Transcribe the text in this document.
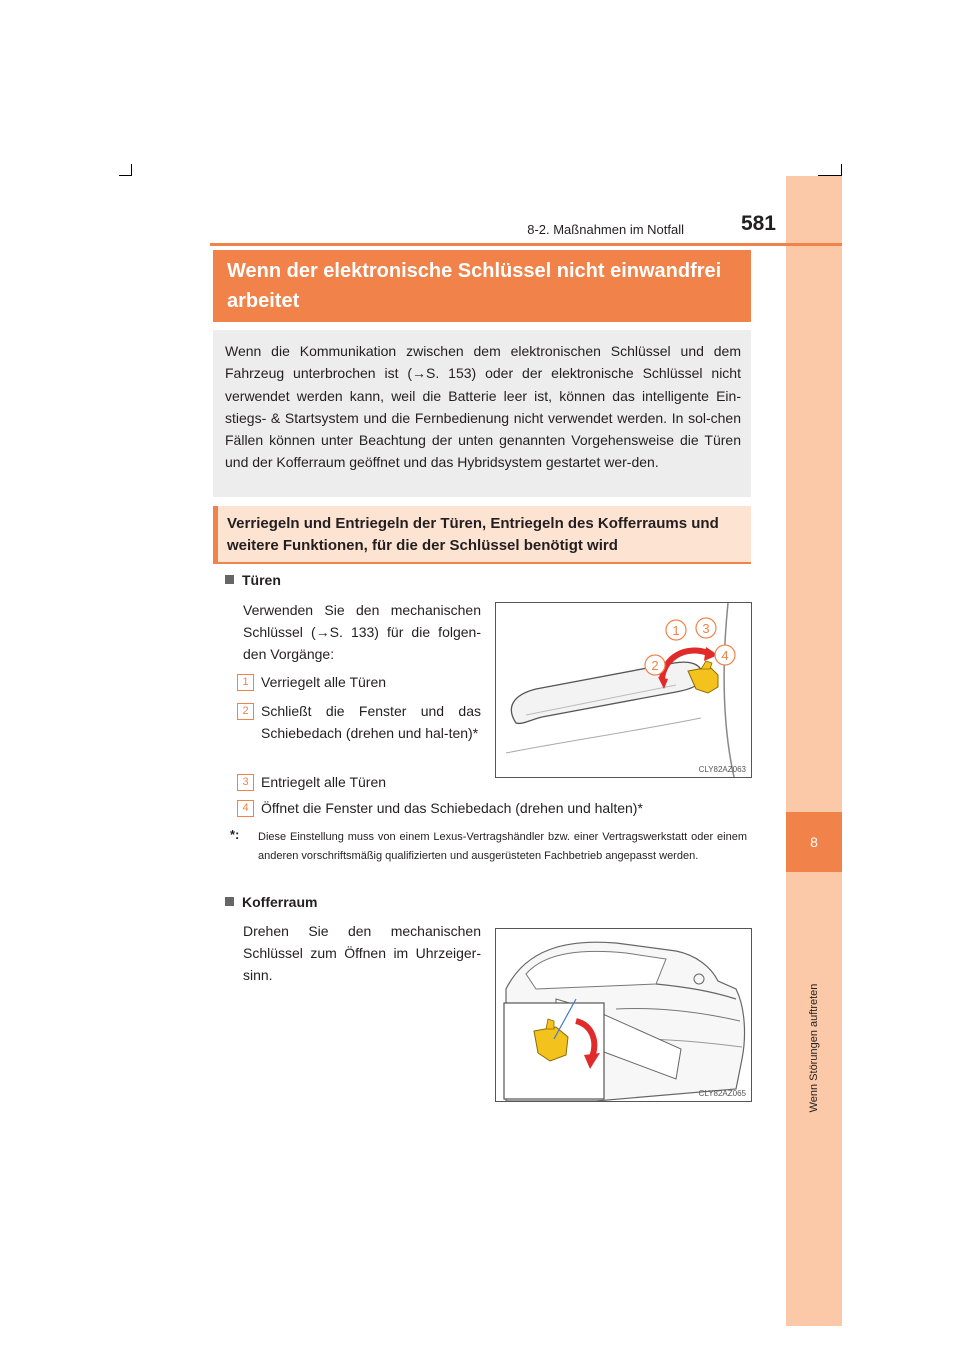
8
Wenn Störungen auftreten
8-2. Maßnahmen im Notfall	581
Wenn der elektronische Schlüssel nicht einwandfrei
arbeitet
Wenn die Kommunikation zwischen dem elektronischen Schlüssel und dem Fahrzeug unterbrochen ist (→S. 153) oder der elektronische Schlüssel nicht verwendet werden kann, weil die Batterie leer ist, können das intelligente Ein-stiegs- & Startsystem und die Fernbedienung nicht verwendet werden. In sol-chen Fällen können unter Beachtung der unten genannten Vorgehensweise die Türen und der Kofferraum geöffnet und das Hybridsystem gestartet wer-den.
Verriegeln und Entriegeln der Türen, Entriegeln des Kofferraums und
weitere Funktionen, für die der Schlüssel benötigt wird
Türen
Verwenden Sie den mechanischen Schlüssel (→S. 133) für die folgen-den Vorgänge:
1 Verriegelt alle Türen
2 Schließt die Fenster und das Schiebedach (drehen und hal-ten)*
3 Entriegelt alle Türen
4 Öffnet die Fenster und das Schiebedach (drehen und halten)*
*: Diese Einstellung muss von einem Lexus-Vertragshändler bzw. einer Vertragswerkstatt oder einem anderen vorschriftsmäßig qualifizierten und ausgerüsteten Fachbetrieb angepasst werden.
1 3
2
4
CLY82AZ063
Kofferraum
Drehen Sie den mechanischen Schlüssel zum Öffnen im Uhrzeiger-sinn.
CLY82AZ065
